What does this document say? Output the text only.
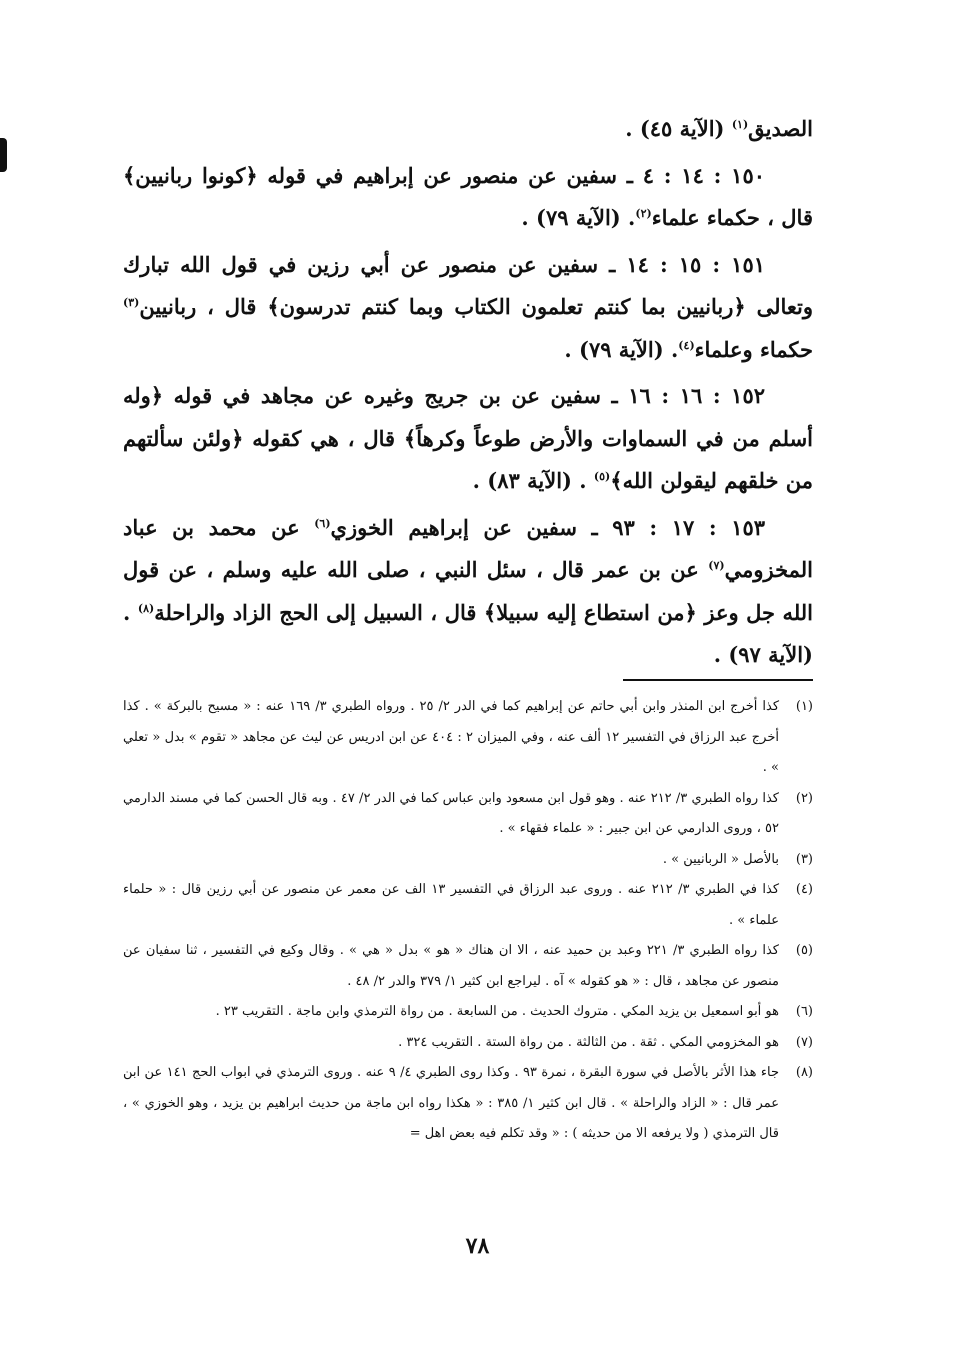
الصديق$^{(١)}$ (الآية ٤٥) .

١٥٠ : ١٤ : ٤ ـ سفين عن منصور عن إبراهيم في قوله ﴿كونوا ربانيين﴾ قال ، حكماء علماء$^{(٢)}$. (الآية ٧٩) .

١٥١ : ١٥ : ١٤ ـ سفين عن منصور عن أبي رزين في قول الله تبارك وتعالى ﴿ربانيين بما كنتم تعلمون الكتاب وبما كنتم تدرسون﴾ قال ، ربانيين$^{(٣)}$ حكماء وعلماء$^{(٤)}$. (الآية ٧٩) .

١٥٢ : ١٦ : ١٦ ـ سفين عن بن جريج وغيره عن مجاهد في قوله ﴿وله أسلم من في السماوات والأرض طوعاً وكرهاً﴾ قال ، هي كقوله ﴿ولئن سألتهم من خلقهم ليقولن الله﴾$^{(٥)}$ . (الآية ٨٣) .

١٥٣ : ١٧ : ٩٣ ـ سفين عن إبراهيم الخوزي$^{(٦)}$ عن محمد بن عباد المخزومي$^{(٧)}$ عن بن عمر قال ، سئل النبي ، صلى الله عليه وسلم ، عن قول الله جل وعز ﴿من استطاع إليه سبيلا﴾ قال ، السبيل إلى الحج الزاد والراحلة$^{(٨)}$ . (الآية ٩٧) .

(١)
كذا أخرج ابن المنذر وابن أبي حاتم عن إبراهيم كما في الدر ٢/ ٢٥ . ورواه الطبري ٣/ ١٦٩ عنه : « مسيح بالبركة » . كذا أخرج عبد الرزاق في التفسير ١٢ ألف عنه ، وفي الميزان ٢ : ٤٠٤ عن ابن ادريس عن ليث عن مجاهد « تقوم » بدل « تعلي » .
(٢)
كذا رواه الطبري ٣/ ٢١٢ عنه . وهو قول ابن مسعود وابن عباس كما في الدر ٢/ ٤٧ . وبه قال الحسن كما في مسند الدارمي ٥٢ ، وروى الدارمي عن ابن جبير : « علماء فقهاء » .
(٣)
بالأصل « الربانيين » .
(٤)
كذا في الطبري ٣/ ٢١٢ عنه . وروى عبد الرزاق في التفسير ١٣ الف عن معمر عن منصور عن أبي رزين قال : « حلماء علماء » .
(٥)
كذا رواه الطبري ٣/ ٢٢١ وعبد بن حميد عنه ، الا ان هناك « هو » بدل « هي » . وقال وكيع في التفسير ، ثنا سفيان عن منصور عن مجاهد ، قال : « هو كقوله » آه . ليراجع ابن كثير ١/ ٣٧٩ والدر ٢/ ٤٨ .
(٦)
هو أبو اسمعيل بن يزيد المكي . متروك الحديث . من السابعة . من رواة الترمذي وابن ماجة . التقريب ٢٣ .
(٧)
هو المخزومي المكي . ثقة . من الثالثة . من رواة الستة . التقريب ٣٢٤ .
(٨)
جاء هذا الأثر بالأصل في سورة البقرة ، نمرة ٩٣ . وكذا روى الطبري ٤/ ٩ عنه . وروى الترمذي في ابواب الحج ١٤١ عن ابن عمر قال : « الزاد والراحلة » . قال ابن كثير ١/ ٣٨٥ : « هكذا رواه ابن ماجة من حديث ابراهيم بن يزيد ، وهو الخوزي » ، قال الترمذي ( ولا يرفعه الا من حديثه ) : « وقد تكلم فيه بعض اهل =
٧٨
